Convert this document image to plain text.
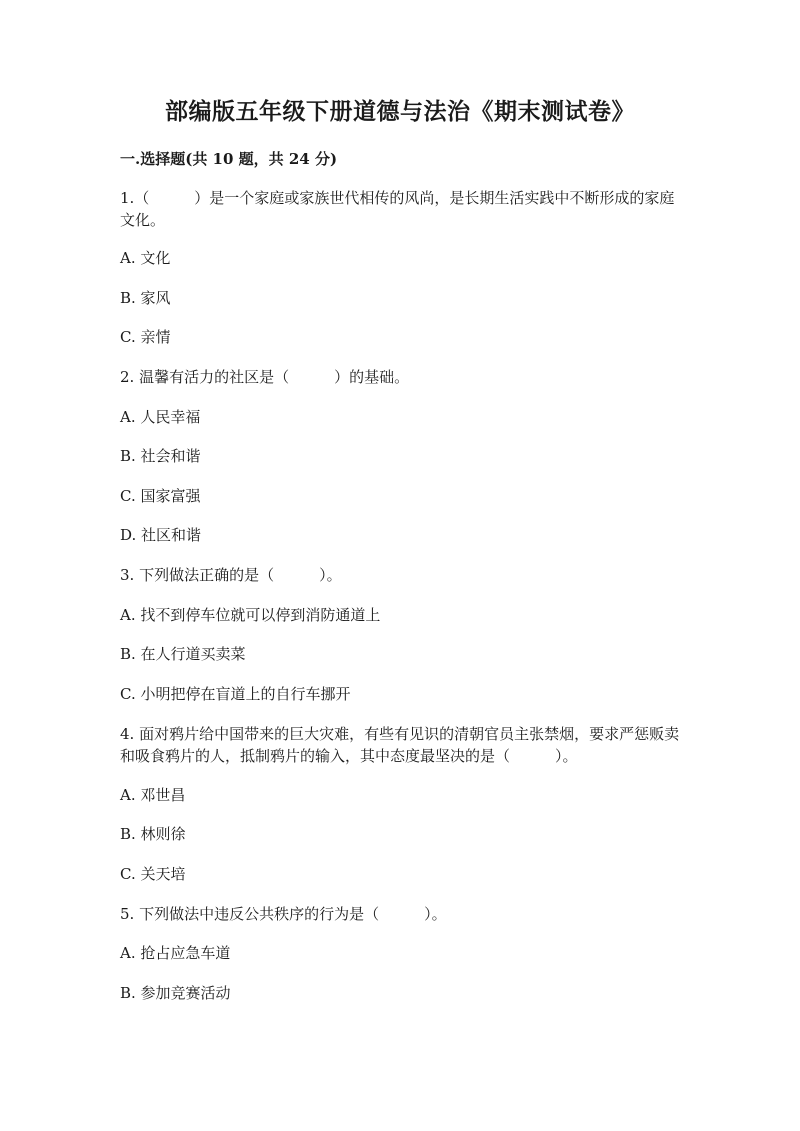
部编版五年级下册道德与法治《期末测试卷》
一.选择题(共 10 题，共 24 分)
1.（　　　）是一个家庭或家族世代相传的风尚，是长期生活实践中不断形成的家庭文化。
A. 文化
B. 家风
C. 亲情
2. 温馨有活力的社区是（　　　）的基础。
A. 人民幸福
B. 社会和谐
C. 国家富强
D. 社区和谐
3. 下列做法正确的是（　　　）。
A. 找不到停车位就可以停到消防通道上
B. 在人行道买卖菜
C. 小明把停在盲道上的自行车挪开
4. 面对鸦片给中国带来的巨大灾难，有些有见识的清朝官员主张禁烟，要求严惩贩卖和吸食鸦片的人，抵制鸦片的输入，其中态度最坚决的是（　　　）。
A. 邓世昌
B. 林则徐
C. 关天培
5. 下列做法中违反公共秩序的行为是（　　　）。
A. 抢占应急车道
B. 参加竞赛活动
